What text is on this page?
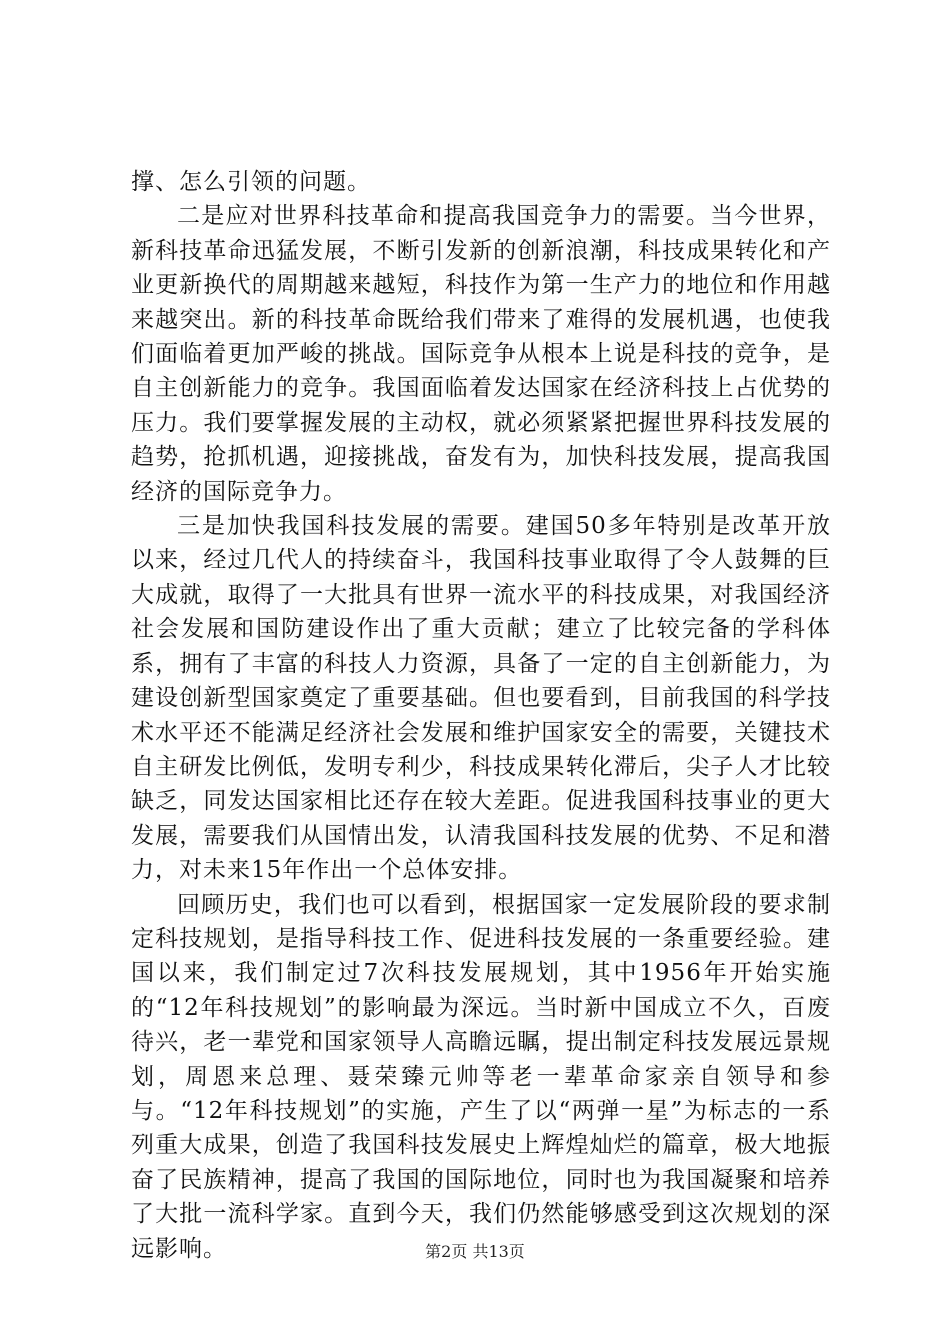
撑、怎么引领的问题。

二是应对世界科技革命和提高我国竞争力的需要。当今世界，新科技革命迅猛发展，不断引发新的创新浪潮，科技成果转化和产业更新换代的周期越来越短，科技作为第一生产力的地位和作用越来越突出。新的科技革命既给我们带来了难得的发展机遇，也使我们面临着更加严峻的挑战。国际竞争从根本上说是科技的竞争，是自主创新能力的竞争。我国面临着发达国家在经济科技上占优势的压力。我们要掌握发展的主动权，就必须紧紧把握世界科技发展的趋势，抢抓机遇，迎接挑战，奋发有为，加快科技发展，提高我国经济的国际竞争力。

三是加快我国科技发展的需要。建国50多年特别是改革开放以来，经过几代人的持续奋斗，我国科技事业取得了令人鼓舞的巨大成就，取得了一大批具有世界一流水平的科技成果，对我国经济社会发展和国防建设作出了重大贡献；建立了比较完备的学科体系，拥有了丰富的科技人力资源，具备了一定的自主创新能力，为建设创新型国家奠定了重要基础。但也要看到，目前我国的科学技术水平还不能满足经济社会发展和维护国家安全的需要，关键技术自主研发比例低，发明专利少，科技成果转化滞后，尖子人才比较缺乏，同发达国家相比还存在较大差距。促进我国科技事业的更大发展，需要我们从国情出发，认清我国科技发展的优势、不足和潜力，对未来15年作出一个总体安排。

回顾历史，我们也可以看到，根据国家一定发展阶段的要求制定科技规划，是指导科技工作、促进科技发展的一条重要经验。建国以来，我们制定过7次科技发展规划，其中1956年开始实施的“12年科技规划”的影响最为深远。当时新中国成立不久，百废待兴，老一辈党和国家领导人高瞻远瞩，提出制定科技发展远景规划，周恩来总理、聂荣臻元帅等老一辈革命家亲自领导和参与。“12年科技规划”的实施，产生了以“两弹一星”为标志的一系列重大成果，创造了我国科技发展史上辉煌灿烂的篇章，极大地振奋了民族精神，提高了我国的国际地位，同时也为我国凝聚和培养了大批一流科学家。直到今天，我们仍然能够感受到这次规划的深远影响。	第2页 共13页
